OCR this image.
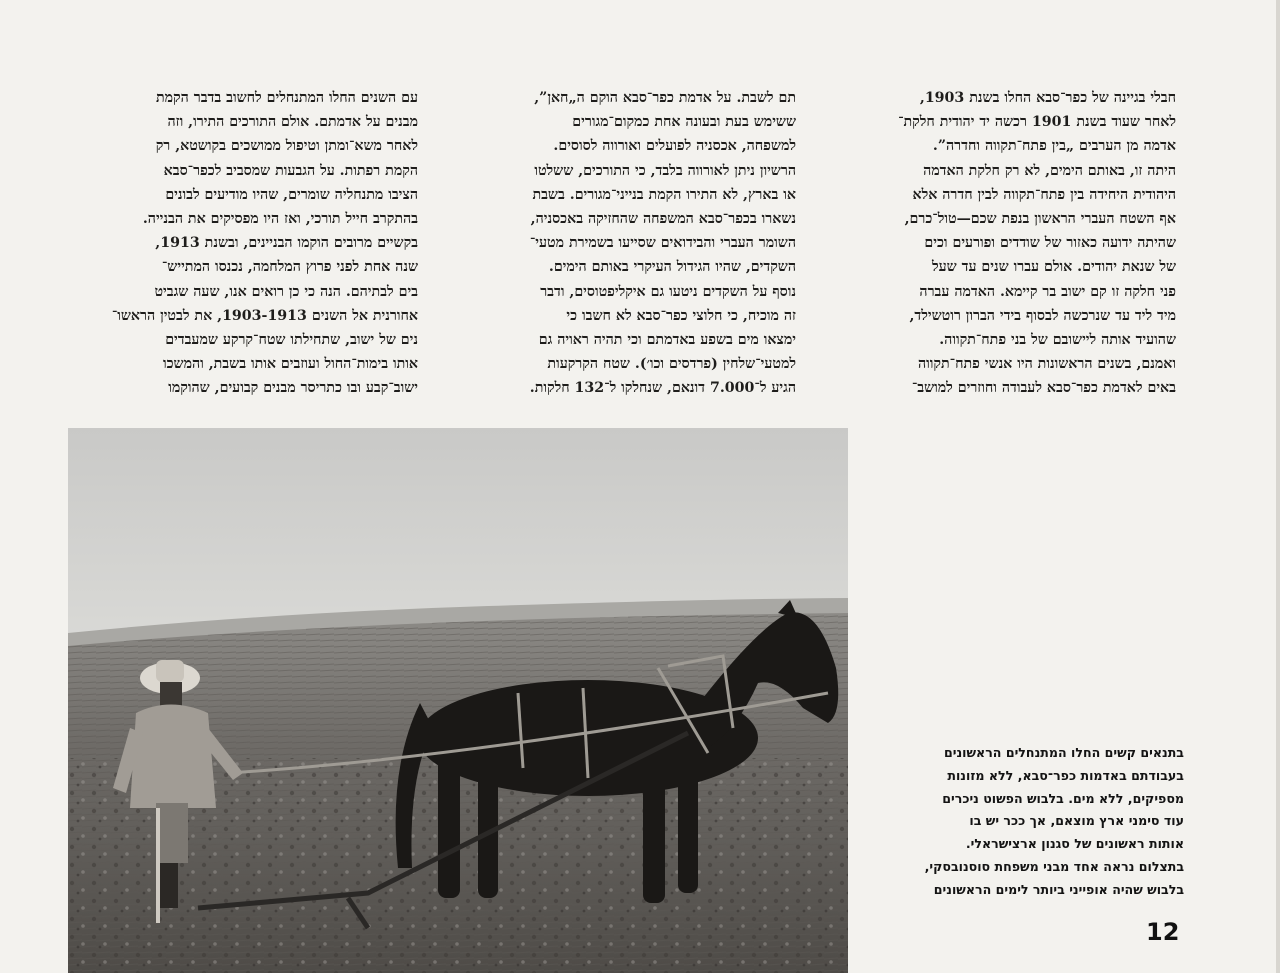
חבלי בגיינה של כפר־סבא החלו בשנת 1903,

לאחר שעוד בשנת 1901 רכשה יד יהודית חלקת־

אדמה מן הערבים „בין פתח־תקווה וחדרה”.

היתה זו, באותם הימים, לא רק חלקת האדמה

היהודית היחידה בין פתח־תקווה לבין חדרה אלא

אף השטח העברי הראשון בנפת שכם—טול־כרם,

שהיתה ידועה כאזור של שודדים ופורעים וכים

של שנאת יהודים. אולם עברו שנים עד שעל

פני חלקה זו קם ישוב בר קיימא. האדמה עברה

מיד ליד עד שנרכשה לבסוף בידי הברון רוטשילד,

שהועיד אותה ליישובם של בני פתח־תקווה.

ואמנם, בשנים הראשונות היו אנשי פתח־תקווה

באים לאדמת כפר־סבא לעבודה וחוזרים למושב־

תם לשבת. על אדמת כפר־סבא הוקם ה„חאן”,

ששימש בעת ובעונה אחת כמקום־מגורים

למשפחה, אכסניה לפועלים ואורווה לסוסים.

הרשיון ניתן לאורווה בלבד, כי התורכים, ששלטו

או בארץ, לא התירו הקמת בנייני־מגורים. בשבת

נשארו בכפר־סבא המשפחה שהחזיקה באכסניה,

השומר העברי והבידואים שסייעו בשמירת מטעי־

השקדים, שהיו הגידול העיקרי באותם הימים.

נוסף על השקדים ניטעו גם איקליפטוסים, ודבר

זה מוכיח, כי חלוצי כפר־סבא לא חשבו כי

ימצאו מים בשפע באדמתם וכי תהיה ראויה גם

למטעי־שלחין (פרדסים וכו׳). שטח הקרקעות

הגיע ל־7.000 דונאם, שנחלקו ל־132 חלקות.

עם השנים החלו המתנחלים לחשוב בדבר הקמת

מבנים על אדמתם. אולם התורכים התירו, וזה

לאחר משא־ומתן וטיפול ממושכים בקושטא, רק

הקמת רפתות. על הגבעות שמסביב לכפר־סבא

הציבו מתנחליה שומרים, שהיו מודיעים לבונים

בהתקרב חייל תורכי, ואז היו מפסיקים את הבנייה.

בקשיים מרובים הוקמו הבניינים, ובשנת 1913,

שנה אחת לפני פרוץ המלחמה, נכנסו המתייש־

בים לבתיהם. הנה כי כן רואים אנו, שעה שגביט

אחורנית אל השנים 1903-1913, את לבטין הראשו־

נים של ישוב, שתחילתו שטח־קרקע שמעבדים

אותו בימות־החול ועוזבים אותו בשבת, והמשכו

ישוב־קבע ובו כתריסר מבנים קבועים, שהוקמו

בתנאים קשים החלו המתנחלים הראשונים

בעבודתם באדמות כפר־סבא, ללא מזונות

מספיקים, ללא מים. בלבוש הפשוט ניכרים

עוד סימני ארץ מוצאם, אך ככר יש בו

אותות ראשונים של סגנון ארצישראלי.

בתצלום נראה אחד מבני משפחת סוסנובסקי,

בלבוש שהיה אופייני ביותר לימים הראשונים

12
